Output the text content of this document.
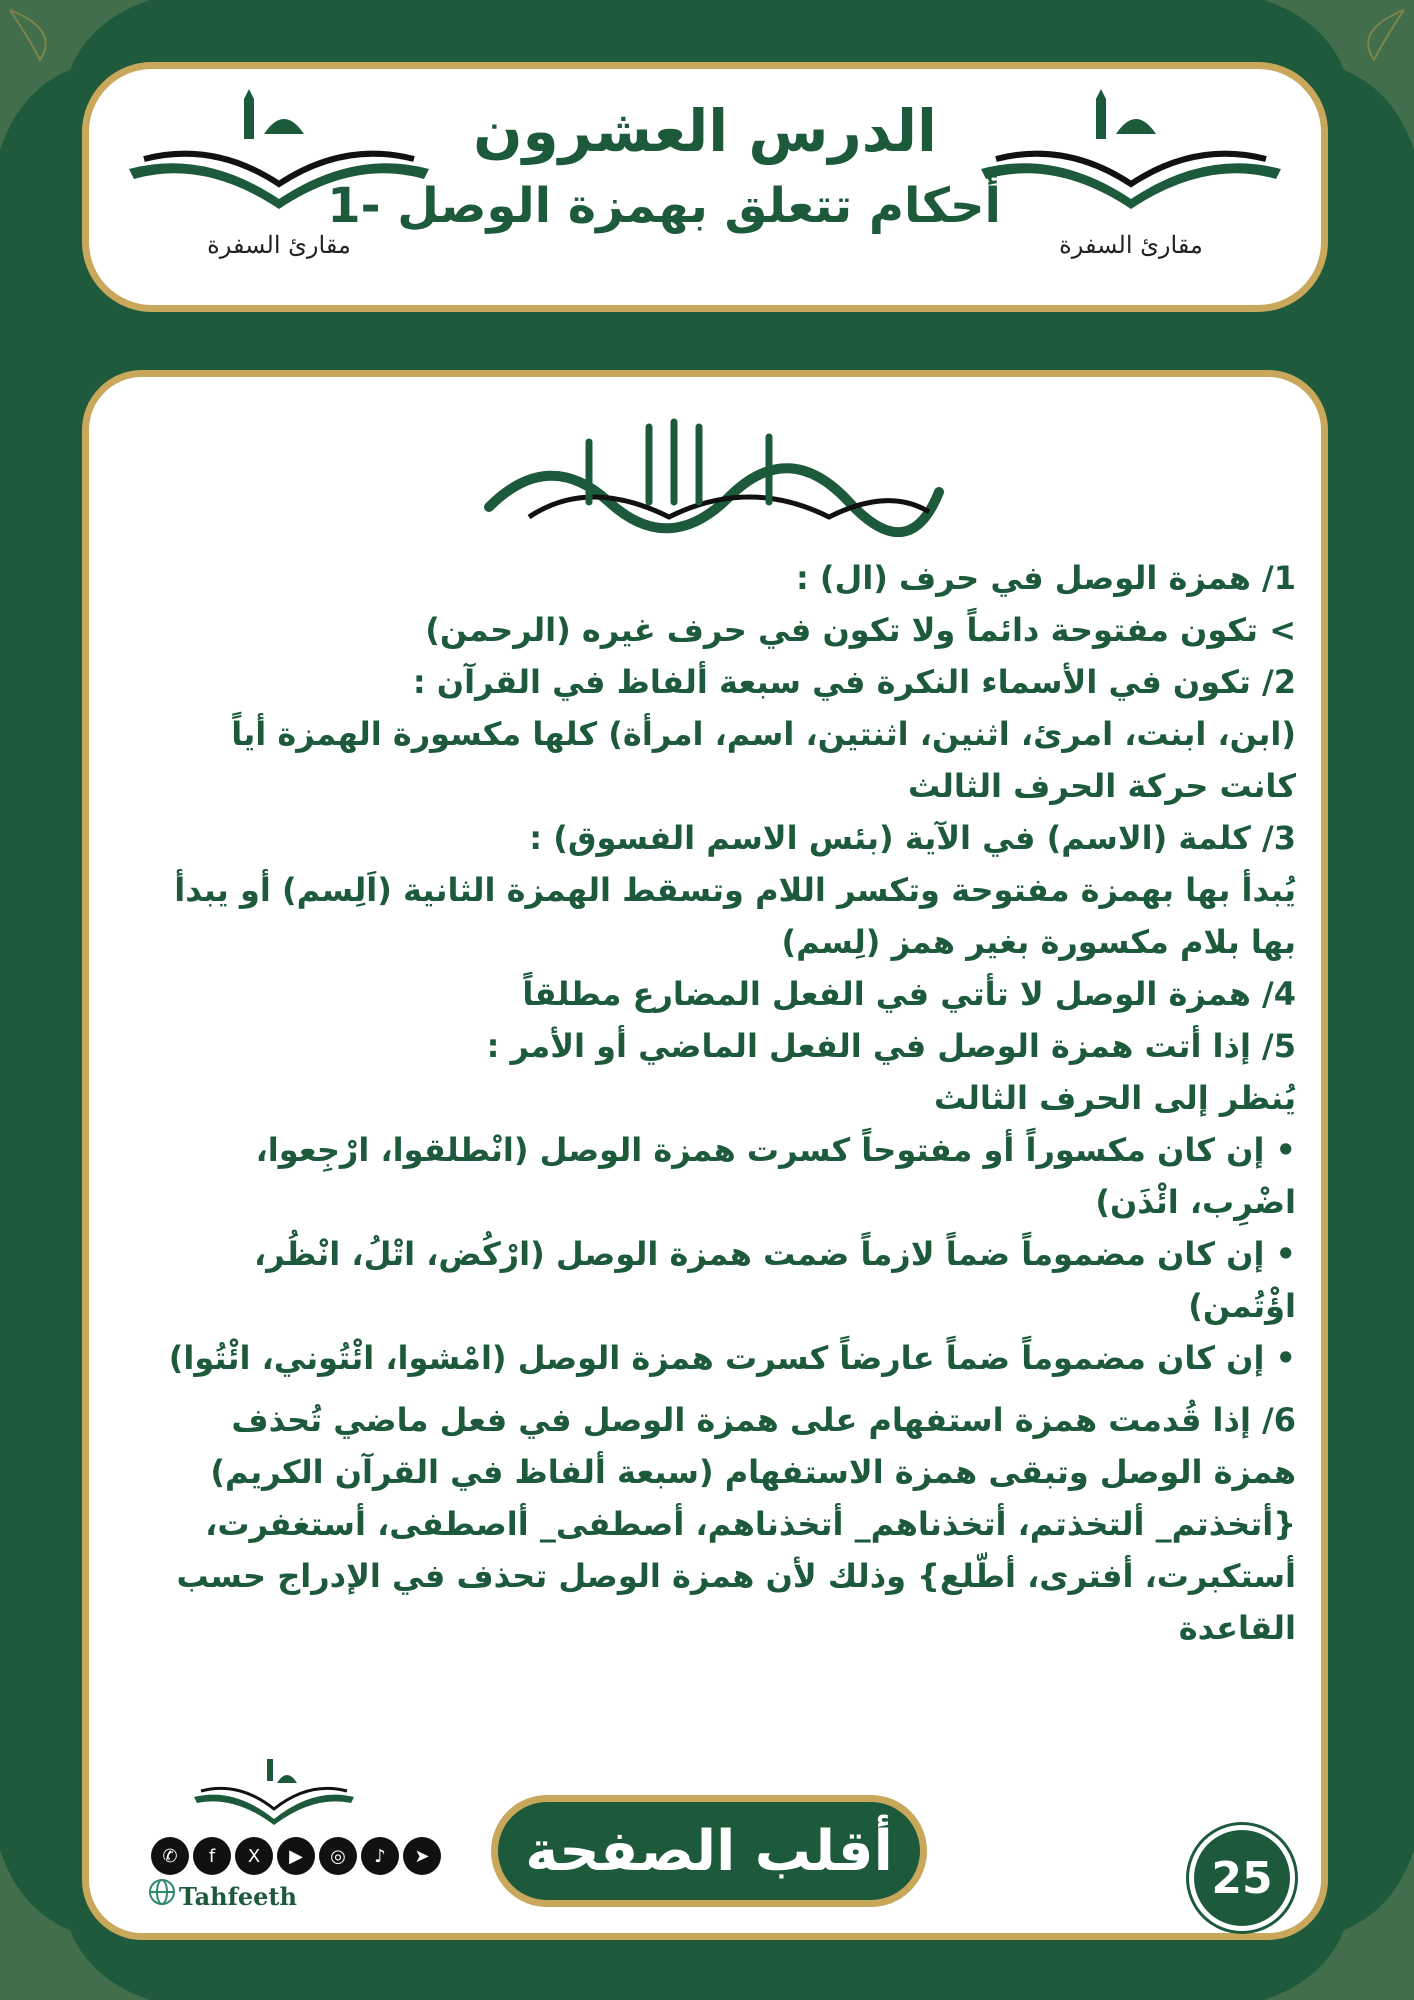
مقارئ السفرة
الدرس العشرون
أحكام تتعلق بهمزة الوصل -1
مقارئ السفرة

1/ همزة الوصل في حرف (ال) :

> تكون مفتوحة دائماً ولا تكون في حرف غيره (الرحمن)

2/ تكون في الأسماء النكرة في سبعة ألفاظ في القرآن :

(ابن، ابنت، امرئ، اثنين، اثنتين، اسم، امرأة) كلها مكسورة الهمزة أياً كانت حركة الحرف الثالث

3/ كلمة (الاسم) في الآية (بئس الاسم الفسوق) :

يُبدأ بها بهمزة مفتوحة وتكسر اللام وتسقط الهمزة الثانية (اَلِسم) أو يبدأ بها بلام مكسورة بغير همز (لِسم)

4/ همزة الوصل لا تأتي في الفعل المضارع مطلقاً

5/ إذا أتت همزة الوصل في الفعل الماضي أو الأمر :

يُنظر إلى الحرف الثالث

• إن كان مكسوراً أو مفتوحاً كسرت همزة الوصل (انْطلقوا، ارْجِعوا، اضْرِب، ائْذَن)

• إن كان مضموماً ضماً لازماً ضمت همزة الوصل (ارْكُض، اتْلُ، انْظُر، اؤْتُمن)

• إن كان مضموماً ضماً عارضاً كسرت همزة الوصل (امْشوا، ائْتُوني، ائْتُوا)

6/ إذا قُدمت همزة استفهام على همزة الوصل في فعل ماضي تُحذف همزة الوصل وتبقى همزة الاستفهام (سبعة ألفاظ في القرآن الكريم)

{أتخذتم_ ألتخذتم، أتخذناهم_ أتخذناهم، أصطفى_ أاصطفى، أستغفرت، أستكبرت، أفترى، أطّلع} وذلك لأن همزة الوصل تحذف في الإدراج حسب القاعدة

✆	f	X	▶	◎	♪	➤
Tahfeeth
أقلب الصفحة	25
